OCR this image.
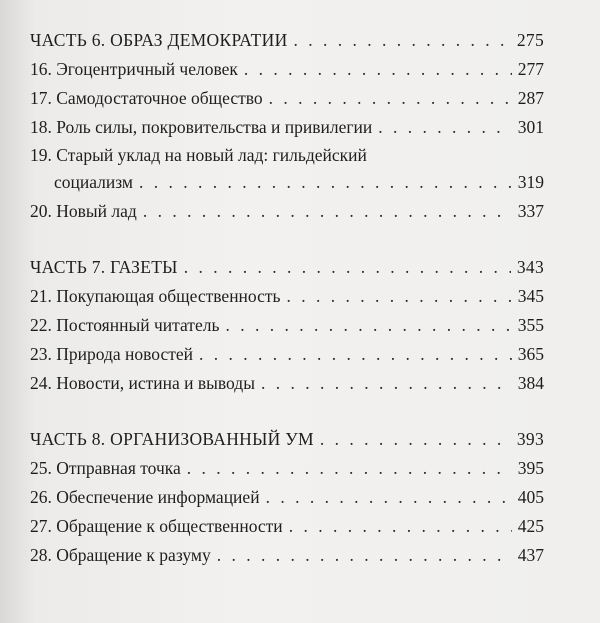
ЧАСТЬ 6. ОБРАЗ ДЕМОКРАТИИ . . .	275
16. Эгоцентричный человек . . .	277
17. Самодостаточное общество . . .	287
18. Роль силы, покровительства и привилегии . . .	301
19. Старый уклад на новый лад: гильдейский
социализм . . .	319
20. Новый лад . . .	337
ЧАСТЬ 7. ГАЗЕТЫ . . .	343
21. Покупающая общественность . . .	345
22. Постоянный читатель . . .	355
23. Природа новостей . . .	365
24. Новости, истина и выводы . . .	384
ЧАСТЬ 8. ОРГАНИЗОВАННЫЙ УМ . . .	393
25. Отправная точка . . .	395
26. Обеспечение информацией . . .	405
27. Обращение к общественности . . .	425
28. Обращение к разуму . . .	437
